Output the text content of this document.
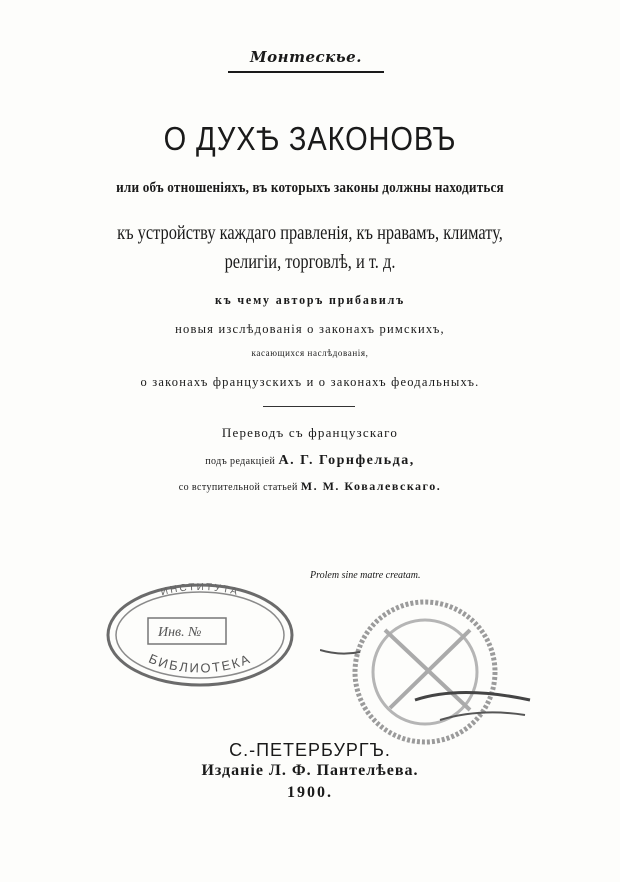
Монтескье.
О ДУХѢ ЗАКОНОВЪ
или объ отношеніяхъ, въ которыхъ законы должны находиться
къ устройству каждаго правленія, къ нравамъ, климату,
религіи, торговлѣ, и т. д.
къ чему авторъ прибавилъ
новыя изслѣдованія о законахъ римскихъ,
касающихся наслѣдованія,
о законахъ французскихъ и о законахъ феодальныхъ.
Переводъ съ французскаго
подъ редакціей А. Г. Горнфельда,
со вступительной статьей М. М. Ковалевскаго.
Prolem sine matre creatam.
ИНСТИТУТА
Инв. №
БИБЛИОТЕКА
С.-ПЕТЕРБУРГЪ.
Изданіе Л. Ф. Пантелѣева.
1900.
